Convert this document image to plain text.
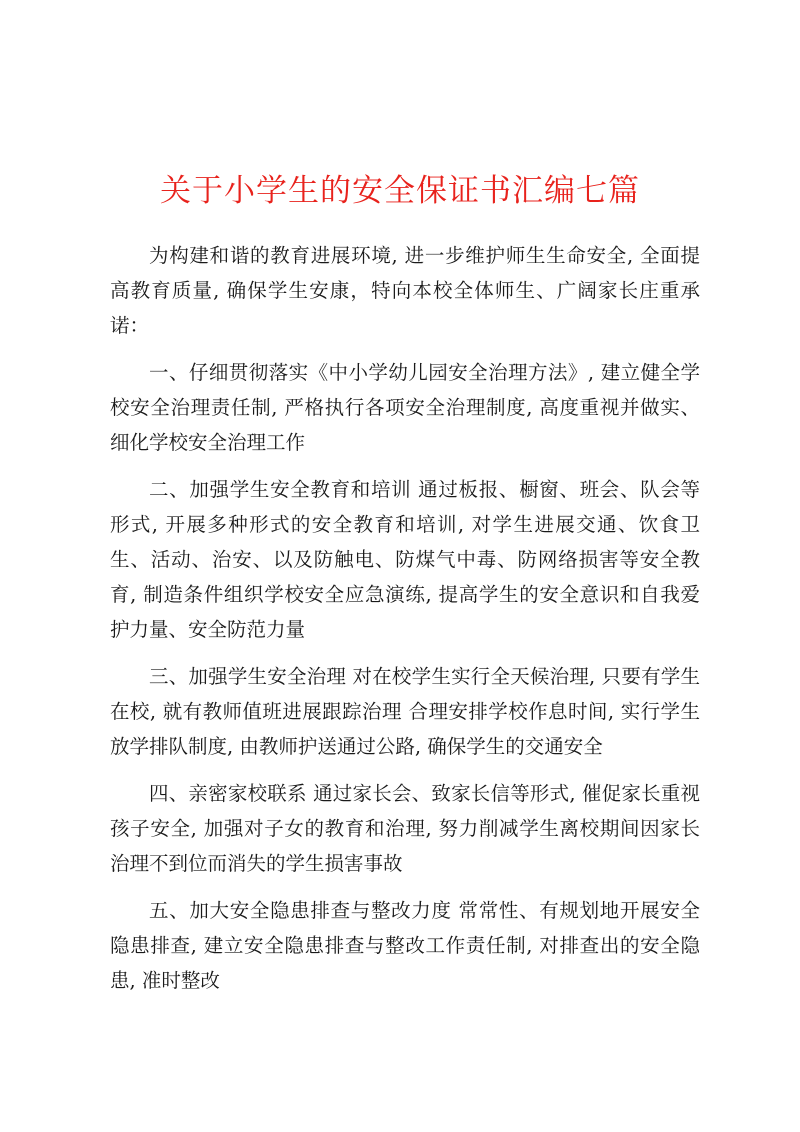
关于小学生的安全保证书汇编七篇

为构建和谐的教育进展环境, 进一步维护师生生命安全, 全面提高教育质量, 确保学生安康，特向本校全体师生、广阔家长庄重承诺：

一、仔细贯彻落实《中小学幼儿园安全治理方法》, 建立健全学校安全治理责任制, 严格执行各项安全治理制度, 高度重视并做实、细化学校安全治理工作

二、加强学生安全教育和培训 通过板报、橱窗、班会、队会等形式, 开展多种形式的安全教育和培训, 对学生进展交通、饮食卫生、活动、治安、以及防触电、防煤气中毒、防网络损害等安全教育, 制造条件组织学校安全应急演练, 提高学生的安全意识和自我爱护力量、安全防范力量

三、加强学生安全治理 对在校学生实行全天候治理, 只要有学生在校, 就有教师值班进展跟踪治理 合理安排学校作息时间, 实行学生放学排队制度, 由教师护送通过公路, 确保学生的交通安全

四、亲密家校联系 通过家长会、致家长信等形式, 催促家长重视孩子安全, 加强对子女的教育和治理, 努力削减学生离校期间因家长治理不到位而消失的学生损害事故

五、加大安全隐患排查与整改力度 常常性、有规划地开展安全隐患排查, 建立安全隐患排查与整改工作责任制, 对排查出的安全隐患, 准时整改
